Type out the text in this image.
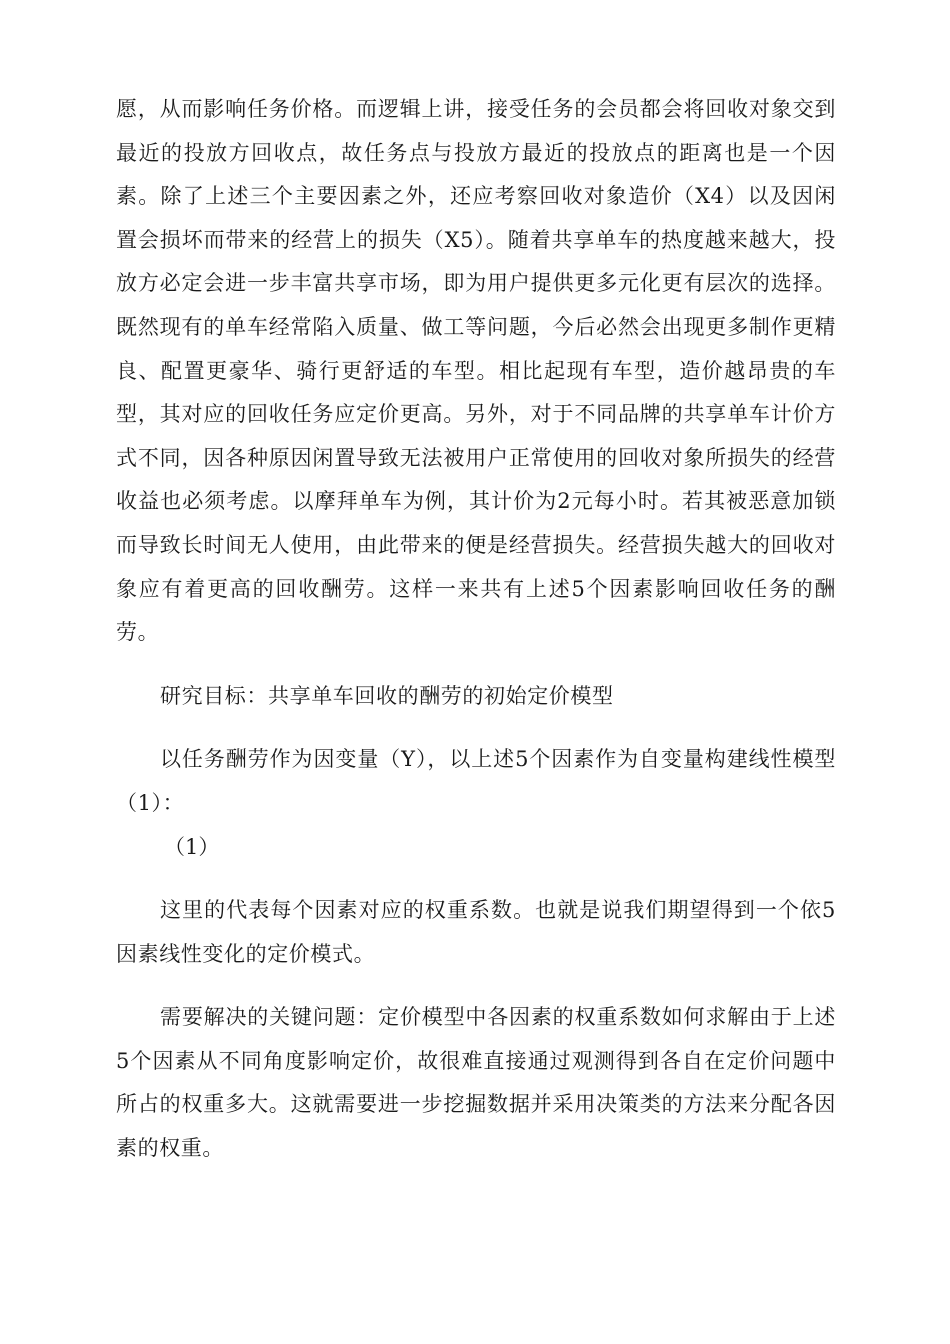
愿，从而影响任务价格。而逻辑上讲，接受任务的会员都会将回收对象交到最近的投放方回收点，故任务点与投放方最近的投放点的距离也是一个因素。除了上述三个主要因素之外，还应考察回收对象造价（X4）以及因闲置会损坏而带来的经营上的损失（X5）。随着共享单车的热度越来越大，投放方必定会进一步丰富共享市场，即为用户提供更多元化更有层次的选择。既然现有的单车经常陷入质量、做工等问题，今后必然会出现更多制作更精良、配置更豪华、骑行更舒适的车型。相比起现有车型，造价越昂贵的车型，其对应的回收任务应定价更高。另外，对于不同品牌的共享单车计价方式不同，因各种原因闲置导致无法被用户正常使用的回收对象所损失的经营收益也必须考虑。以摩拜单车为例，其计价为2元每小时。若其被恶意加锁而导致长时间无人使用，由此带来的便是经营损失。经营损失越大的回收对象应有着更高的回收酬劳。这样一来共有上述5个因素影响回收任务的酬劳。

研究目标：共享单车回收的酬劳的初始定价模型

以任务酬劳作为因变量（Y），以上述5个因素作为自变量构建线性模型（1）：

（1）

这里的代表每个因素对应的权重系数。也就是说我们期望得到一个依5因素线性变化的定价模式。

需要解决的关键问题：定价模型中各因素的权重系数如何求解由于上述5个因素从不同角度影响定价，故很难直接通过观测得到各自在定价问题中所占的权重多大。这就需要进一步挖掘数据并采用决策类的方法来分配各因素的权重。
